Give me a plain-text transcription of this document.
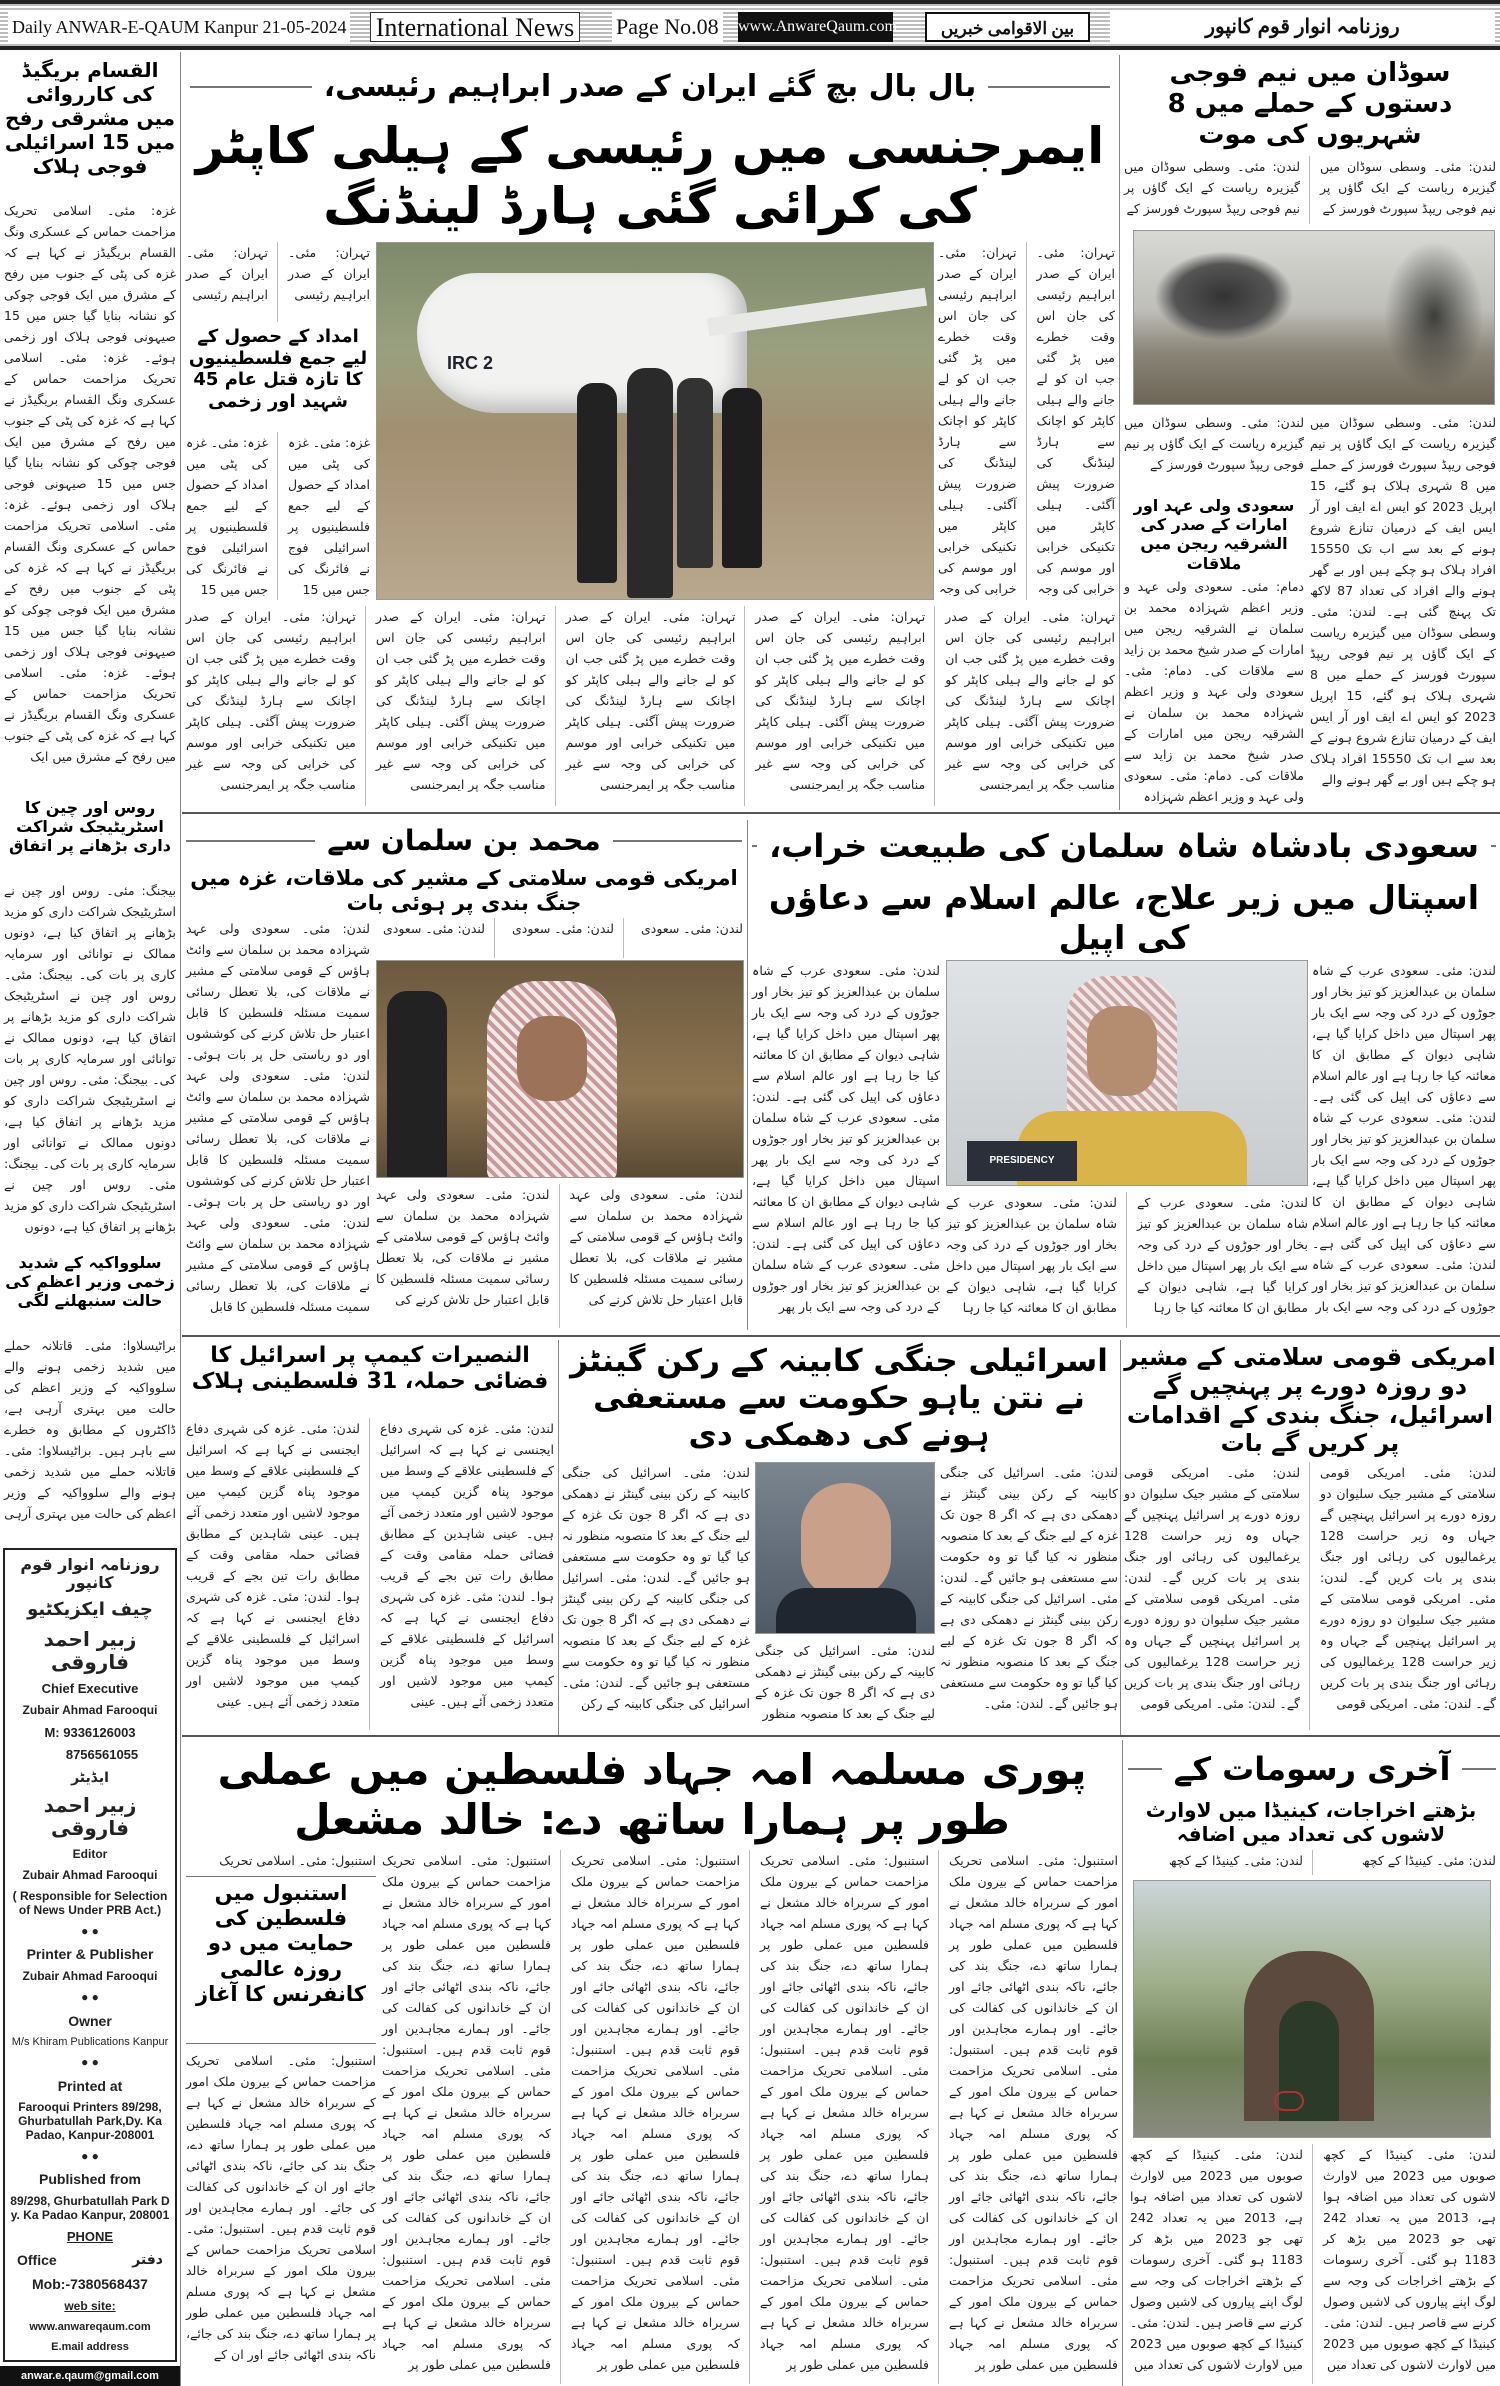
Daily ANWAR-E-QAUM Kanpur 21-05-2024 International News Page No.08 www.AnwareQaum.com	بین الاقوامی خبریں	روزنامہ انوار قوم کانپور
القسام بریگیڈ کی کارروائی میں مشرقی رفح میں 15 اسرائیلی فوجی ہلاک
غزہ: مئی۔ اسلامی تحریک مزاحمت حماس کے عسکری ونگ القسام بریگیڈز نے کہا ہے کہ غزہ کی پٹی کے جنوب میں رفح کے مشرق میں ایک فوجی چوکی کو نشانہ بنایا گیا جس میں 15 صیہونی فوجی ہلاک اور زخمی ہوئے۔ غزہ: مئی۔ اسلامی تحریک مزاحمت حماس کے عسکری ونگ القسام بریگیڈز نے کہا ہے کہ غزہ کی پٹی کے جنوب میں رفح کے مشرق میں ایک فوجی چوکی کو نشانہ بنایا گیا جس میں 15 صیہونی فوجی ہلاک اور زخمی ہوئے۔ غزہ: مئی۔ اسلامی تحریک مزاحمت حماس کے عسکری ونگ القسام بریگیڈز نے کہا ہے کہ غزہ کی پٹی کے جنوب میں رفح کے مشرق میں ایک فوجی چوکی کو نشانہ بنایا گیا جس میں 15 صیہونی فوجی ہلاک اور زخمی ہوئے۔ غزہ: مئی۔ اسلامی تحریک مزاحمت حماس کے عسکری ونگ القسام بریگیڈز نے کہا ہے کہ غزہ کی پٹی کے جنوب میں رفح کے مشرق میں ایک
روس اور چین کا اسٹریٹیجک شراکت داری بڑھانے پر اتفاق
بیجنگ: مئی۔ روس اور چین نے اسٹریٹیجک شراکت داری کو مزید بڑھانے پر اتفاق کیا ہے، دونوں ممالک نے توانائی اور سرمایہ کاری پر بات کی۔ بیجنگ: مئی۔ روس اور چین نے اسٹریٹیجک شراکت داری کو مزید بڑھانے پر اتفاق کیا ہے، دونوں ممالک نے توانائی اور سرمایہ کاری پر بات کی۔ بیجنگ: مئی۔ روس اور چین نے اسٹریٹیجک شراکت داری کو مزید بڑھانے پر اتفاق کیا ہے، دونوں ممالک نے توانائی اور سرمایہ کاری پر بات کی۔ بیجنگ: مئی۔ روس اور چین نے اسٹریٹیجک شراکت داری کو مزید بڑھانے پر اتفاق کیا ہے، دونوں
سلوواکیہ کے شدید زخمی وزیر اعظم کی حالت سنبھلنے لگی
براٹیسلاوا: مئی۔ قاتلانہ حملے میں شدید زخمی ہونے والے سلوواکیہ کے وزیر اعظم کی حالت میں بہتری آرہی ہے، ڈاکٹروں کے مطابق وہ خطرے سے باہر ہیں۔ براٹیسلاوا: مئی۔ قاتلانہ حملے میں شدید زخمی ہونے والے سلوواکیہ کے وزیر اعظم کی حالت میں بہتری آرہی
روزنامہ انوار قوم کانپور
چیف ایکزیکٹیو
زبیر احمد فاروقی
Chief Executive
Zubair Ahmad Farooqui
M: 9336126003
8756561055
ایڈیٹر
زبیر احمد فاروقی
Editor
Zubair Ahmad Farooqui
( Responsible for Selection of News Under PRB Act.)
● ●
Printer & Publisher
Zubair Ahmad Farooqui
● ●
Owner
M/s Khiram Publications Kanpur
● ●
Printed at
Farooqui Printers 89/298, Ghurbatullah Park,Dy. Ka Padao, Kanpur-208001
● ●
Published from
89/298, Ghurbatullah Park D y. Ka Padao Kanpur, 208001
PHONE
Office	دفتر
Mob:-7380568437
web site:
www.anwareqaum.com
E.mail address
anwar.e.qaum@gmail.com
بال بال بچ گئے ایران کے صدر ابراہیم رئیسی،
ایمرجنسی میں رئیسی کے ہیلی کاپٹر کی کرائی گئی ہارڈ لینڈنگ
IRC 2
تہران: مئی۔ ایران کے صدر ابراہیم رئیسی کی جان اس وقت خطرے میں پڑ گئی جب ان کو لے جانے والے ہیلی کاپٹر کو اچانک سے ہارڈ لینڈنگ کی ضرورت پیش آگئی۔ ہیلی کاپٹر میں تکنیکی خرابی اور موسم کی خرابی کی وجہ
تہران: مئی۔ ایران کے صدر ابراہیم رئیسی کی جان اس وقت خطرے میں پڑ گئی جب ان کو لے جانے والے ہیلی کاپٹر کو اچانک سے ہارڈ لینڈنگ کی ضرورت پیش آگئی۔ ہیلی کاپٹر میں تکنیکی خرابی اور موسم کی خرابی کی وجہ
تہران: مئی۔ ایران کے صدر ابراہیم رئیسی
تہران: مئی۔ ایران کے صدر ابراہیم رئیسی
امداد کے حصول کے لیے جمع فلسطینیوں کا تازہ قتل عام 45 شہید اور زخمی
غزہ: مئی۔ غزہ کی پٹی میں امداد کے حصول کے لیے جمع فلسطینیوں پر اسرائیلی فوج نے فائرنگ کی جس میں 15
غزہ: مئی۔ غزہ کی پٹی میں امداد کے حصول کے لیے جمع فلسطینیوں پر اسرائیلی فوج نے فائرنگ کی جس میں 15
تہران: مئی۔ ایران کے صدر ابراہیم رئیسی کی جان اس وقت خطرے میں پڑ گئی جب ان کو لے جانے والے ہیلی کاپٹر کو اچانک سے ہارڈ لینڈنگ کی ضرورت پیش آگئی۔ ہیلی کاپٹر میں تکنیکی خرابی اور موسم کی خرابی کی وجہ سے غیر مناسب جگہ پر ایمرجنسی
تہران: مئی۔ ایران کے صدر ابراہیم رئیسی کی جان اس وقت خطرے میں پڑ گئی جب ان کو لے جانے والے ہیلی کاپٹر کو اچانک سے ہارڈ لینڈنگ کی ضرورت پیش آگئی۔ ہیلی کاپٹر میں تکنیکی خرابی اور موسم کی خرابی کی وجہ سے غیر مناسب جگہ پر ایمرجنسی
تہران: مئی۔ ایران کے صدر ابراہیم رئیسی کی جان اس وقت خطرے میں پڑ گئی جب ان کو لے جانے والے ہیلی کاپٹر کو اچانک سے ہارڈ لینڈنگ کی ضرورت پیش آگئی۔ ہیلی کاپٹر میں تکنیکی خرابی اور موسم کی خرابی کی وجہ سے غیر مناسب جگہ پر ایمرجنسی
تہران: مئی۔ ایران کے صدر ابراہیم رئیسی کی جان اس وقت خطرے میں پڑ گئی جب ان کو لے جانے والے ہیلی کاپٹر کو اچانک سے ہارڈ لینڈنگ کی ضرورت پیش آگئی۔ ہیلی کاپٹر میں تکنیکی خرابی اور موسم کی خرابی کی وجہ سے غیر مناسب جگہ پر ایمرجنسی
تہران: مئی۔ ایران کے صدر ابراہیم رئیسی کی جان اس وقت خطرے میں پڑ گئی جب ان کو لے جانے والے ہیلی کاپٹر کو اچانک سے ہارڈ لینڈنگ کی ضرورت پیش آگئی۔ ہیلی کاپٹر میں تکنیکی خرابی اور موسم کی خرابی کی وجہ سے غیر مناسب جگہ پر ایمرجنسی
سوڈان میں نیم فوجی دستوں کے حملے میں 8 شہریوں کی موت
لندن: مئی۔ وسطی سوڈان میں گیزیرہ ریاست کے ایک گاؤں پر نیم فوجی ریپڈ سپورٹ فورسز کے
لندن: مئی۔ وسطی سوڈان میں گیزیرہ ریاست کے ایک گاؤں پر نیم فوجی ریپڈ سپورٹ فورسز کے
لندن: مئی۔ وسطی سوڈان میں گیزیرہ ریاست کے ایک گاؤں پر نیم فوجی ریپڈ سپورٹ فورسز کے حملے میں 8 شہری ہلاک ہو گئے، 15 اپریل 2023 کو ایس اے ایف اور آر ایس ایف کے درمیان تنازع شروع ہونے کے بعد سے اب تک 15550 افراد ہلاک ہو چکے ہیں اور بے گھر ہونے والے افراد کی تعداد 87 لاکھ تک پہنچ گئی ہے۔ لندن: مئی۔ وسطی سوڈان میں گیزیرہ ریاست کے ایک گاؤں پر نیم فوجی ریپڈ سپورٹ فورسز کے حملے میں 8 شہری ہلاک ہو گئے، 15 اپریل 2023 کو ایس اے ایف اور آر ایس ایف کے درمیان تنازع شروع ہونے کے بعد سے اب تک 15550 افراد ہلاک ہو چکے ہیں اور بے گھر ہونے والے
لندن: مئی۔ وسطی سوڈان میں گیزیرہ ریاست کے ایک گاؤں پر نیم فوجی ریپڈ سپورٹ فورسز کے
سعودی ولی عہد اور امارات کے صدر کی الشرقیہ ریجن میں ملاقات
دمام: مئی۔ سعودی ولی عہد و وزیر اعظم شہزادہ محمد بن سلمان نے الشرقیہ ریجن میں امارات کے صدر شیخ محمد بن زاید سے ملاقات کی۔ دمام: مئی۔ سعودی ولی عہد و وزیر اعظم شہزادہ محمد بن سلمان نے الشرقیہ ریجن میں امارات کے صدر شیخ محمد بن زاید سے ملاقات کی۔ دمام: مئی۔ سعودی ولی عہد و وزیر اعظم شہزادہ
سعودی بادشاہ شاہ سلمان کی طبیعت خراب،
اسپتال میں زیر علاج، عالم اسلام سے دعاؤں کی اپیل
PRESIDENCY
لندن: مئی۔ سعودی عرب کے شاہ سلمان بن عبدالعزیز کو تیز بخار اور جوڑوں کے درد کی وجہ سے ایک بار پھر اسپتال میں داخل کرایا گیا ہے، شاہی دیوان کے مطابق ان کا معائنہ کیا جا رہا ہے اور عالم اسلام سے دعاؤں کی اپیل کی گئی ہے۔ لندن: مئی۔ سعودی عرب کے شاہ سلمان بن عبدالعزیز کو تیز بخار اور جوڑوں کے درد کی وجہ سے ایک بار پھر اسپتال میں داخل کرایا گیا ہے، شاہی دیوان کے مطابق ان کا معائنہ کیا جا رہا ہے اور عالم اسلام سے دعاؤں کی اپیل کی گئی ہے۔ لندن: مئی۔ سعودی عرب کے شاہ سلمان بن عبدالعزیز کو تیز بخار اور جوڑوں کے درد کی وجہ سے ایک بار
لندن: مئی۔ سعودی عرب کے شاہ سلمان بن عبدالعزیز کو تیز بخار اور جوڑوں کے درد کی وجہ سے ایک بار پھر اسپتال میں داخل کرایا گیا ہے، شاہی دیوان کے مطابق ان کا معائنہ کیا جا رہا ہے اور عالم اسلام سے دعاؤں کی اپیل کی گئی ہے۔ لندن: مئی۔ سعودی عرب کے شاہ سلمان بن عبدالعزیز کو تیز بخار اور جوڑوں کے درد کی وجہ سے ایک بار پھر اسپتال میں داخل کرایا گیا ہے، شاہی دیوان کے مطابق ان کا معائنہ کیا جا رہا ہے اور عالم اسلام سے دعاؤں کی اپیل کی گئی ہے۔ لندن: مئی۔ سعودی عرب کے شاہ سلمان بن عبدالعزیز کو تیز بخار اور جوڑوں کے درد کی وجہ سے ایک بار پھر
لندن: مئی۔ سعودی عرب کے شاہ سلمان بن عبدالعزیز کو تیز بخار اور جوڑوں کے درد کی وجہ سے ایک بار پھر اسپتال میں داخل کرایا گیا ہے، شاہی دیوان کے مطابق ان کا معائنہ کیا جا رہا
لندن: مئی۔ سعودی عرب کے شاہ سلمان بن عبدالعزیز کو تیز بخار اور جوڑوں کے درد کی وجہ سے ایک بار پھر اسپتال میں داخل کرایا گیا ہے، شاہی دیوان کے مطابق ان کا معائنہ کیا جا رہا
محمد بن سلمان سے
امریکی قومی سلامتی کے مشیر کی ملاقات، غزہ میں جنگ بندی پر ہوئی بات
لندن: مئی۔ سعودی
لندن: مئی۔ سعودی
لندن: مئی۔ سعودی
لندن: مئی۔ سعودی ولی عہد شہزادہ محمد بن سلمان سے وائٹ ہاؤس کے قومی سلامتی کے مشیر نے ملاقات کی، بلا تعطل رسائی سمیت مسئلہ فلسطین کا قابل اعتبار حل تلاش کرنے کی
لندن: مئی۔ سعودی ولی عہد شہزادہ محمد بن سلمان سے وائٹ ہاؤس کے قومی سلامتی کے مشیر نے ملاقات کی، بلا تعطل رسائی سمیت مسئلہ فلسطین کا قابل اعتبار حل تلاش کرنے کی
لندن: مئی۔ سعودی ولی عہد شہزادہ محمد بن سلمان سے وائٹ ہاؤس کے قومی سلامتی کے مشیر نے ملاقات کی، بلا تعطل رسائی سمیت مسئلہ فلسطین کا قابل اعتبار حل تلاش کرنے کی کوششوں اور دو ریاستی حل پر بات ہوئی۔ لندن: مئی۔ سعودی ولی عہد شہزادہ محمد بن سلمان سے وائٹ ہاؤس کے قومی سلامتی کے مشیر نے ملاقات کی، بلا تعطل رسائی سمیت مسئلہ فلسطین کا قابل اعتبار حل تلاش کرنے کی کوششوں اور دو ریاستی حل پر بات ہوئی۔ لندن: مئی۔ سعودی ولی عہد شہزادہ محمد بن سلمان سے وائٹ ہاؤس کے قومی سلامتی کے مشیر نے ملاقات کی، بلا تعطل رسائی سمیت مسئلہ فلسطین کا قابل
امریکی قومی سلامتی کے مشیر دو روزہ دورے پر پہنچیں گے اسرائیل، جنگ بندی کے اقدامات پر کریں گے بات
لندن: مئی۔ امریکی قومی سلامتی کے مشیر جیک سلیوان دو روزہ دورے پر اسرائیل پہنچیں گے جہاں وہ زیر حراست 128 یرغمالیوں کی رہائی اور جنگ بندی پر بات کریں گے۔ لندن: مئی۔ امریکی قومی سلامتی کے مشیر جیک سلیوان دو روزہ دورے پر اسرائیل پہنچیں گے جہاں وہ زیر حراست 128 یرغمالیوں کی رہائی اور جنگ بندی پر بات کریں گے۔ لندن: مئی۔ امریکی قومی
لندن: مئی۔ امریکی قومی سلامتی کے مشیر جیک سلیوان دو روزہ دورے پر اسرائیل پہنچیں گے جہاں وہ زیر حراست 128 یرغمالیوں کی رہائی اور جنگ بندی پر بات کریں گے۔ لندن: مئی۔ امریکی قومی سلامتی کے مشیر جیک سلیوان دو روزہ دورے پر اسرائیل پہنچیں گے جہاں وہ زیر حراست 128 یرغمالیوں کی رہائی اور جنگ بندی پر بات کریں گے۔ لندن: مئی۔ امریکی قومی
اسرائیلی جنگی کابینہ کے رکن گینٹز نے نتن یاہو حکومت سے مستعفی ہونے کی دھمکی دی
لندن: مئی۔ اسرائیل کی جنگی کابینہ کے رکن بینی گینٹز نے دھمکی دی ہے کہ اگر 8 جون تک غزہ کے لیے جنگ کے بعد کا منصوبہ منظور نہ کیا گیا تو وہ حکومت سے مستعفی ہو جائیں گے۔ لندن: مئی۔ اسرائیل کی جنگی کابینہ کے رکن بینی گینٹز نے دھمکی دی ہے کہ اگر 8 جون تک غزہ کے لیے جنگ کے بعد کا منصوبہ منظور نہ کیا گیا تو وہ حکومت سے مستعفی ہو جائیں گے۔ لندن: مئی۔
لندن: مئی۔ اسرائیل کی جنگی کابینہ کے رکن بینی گینٹز نے دھمکی دی ہے کہ اگر 8 جون تک غزہ کے لیے جنگ کے بعد کا منصوبہ منظور نہ کیا گیا تو وہ حکومت سے مستعفی ہو جائیں گے۔ لندن: مئی۔ اسرائیل کی جنگی کابینہ کے رکن بینی گینٹز نے دھمکی دی ہے کہ اگر 8 جون تک غزہ کے لیے جنگ کے بعد کا منصوبہ منظور نہ کیا گیا تو وہ حکومت سے مستعفی ہو جائیں گے۔ لندن: مئی۔ اسرائیل کی جنگی کابینہ کے رکن
لندن: مئی۔ اسرائیل کی جنگی کابینہ کے رکن بینی گینٹز نے دھمکی دی ہے کہ اگر 8 جون تک غزہ کے لیے جنگ کے بعد کا منصوبہ منظور
النصیرات کیمپ پر اسرائیل کا فضائی حملہ، 31 فلسطینی ہلاک
لندن: مئی۔ غزہ کی شہری دفاع ایجنسی نے کہا ہے کہ اسرائیل کے فلسطینی علاقے کے وسط میں موجود پناہ گزین کیمپ میں موجود لاشیں اور متعدد زخمی آئے ہیں۔ عینی شاہدین کے مطابق فضائی حملہ مقامی وقت کے مطابق رات تین بجے کے قریب ہوا۔ لندن: مئی۔ غزہ کی شہری دفاع ایجنسی نے کہا ہے کہ اسرائیل کے فلسطینی علاقے کے وسط میں موجود پناہ گزین کیمپ میں موجود لاشیں اور متعدد زخمی آئے ہیں۔ عینی
لندن: مئی۔ غزہ کی شہری دفاع ایجنسی نے کہا ہے کہ اسرائیل کے فلسطینی علاقے کے وسط میں موجود پناہ گزین کیمپ میں موجود لاشیں اور متعدد زخمی آئے ہیں۔ عینی شاہدین کے مطابق فضائی حملہ مقامی وقت کے مطابق رات تین بجے کے قریب ہوا۔ لندن: مئی۔ غزہ کی شہری دفاع ایجنسی نے کہا ہے کہ اسرائیل کے فلسطینی علاقے کے وسط میں موجود پناہ گزین کیمپ میں موجود لاشیں اور متعدد زخمی آئے ہیں۔ عینی
آخری رسومات کے
بڑھتے اخراجات، کینیڈا میں لاوارث لاشوں کی تعداد میں اضافہ
لندن: مئی۔ کینیڈا کے کچھ
لندن: مئی۔ کینیڈا کے کچھ
لندن: مئی۔ کینیڈا کے کچھ صوبوں میں 2023 میں لاوارث لاشوں کی تعداد میں اضافہ ہوا ہے، 2013 میں یہ تعداد 242 تھی جو 2023 میں بڑھ کر 1183 ہو گئی۔ آخری رسومات کے بڑھتے اخراجات کی وجہ سے لوگ اپنے پیاروں کی لاشیں وصول کرنے سے قاصر ہیں۔ لندن: مئی۔ کینیڈا کے کچھ صوبوں میں 2023 میں لاوارث لاشوں کی تعداد میں
لندن: مئی۔ کینیڈا کے کچھ صوبوں میں 2023 میں لاوارث لاشوں کی تعداد میں اضافہ ہوا ہے، 2013 میں یہ تعداد 242 تھی جو 2023 میں بڑھ کر 1183 ہو گئی۔ آخری رسومات کے بڑھتے اخراجات کی وجہ سے لوگ اپنے پیاروں کی لاشیں وصول کرنے سے قاصر ہیں۔ لندن: مئی۔ کینیڈا کے کچھ صوبوں میں 2023 میں لاوارث لاشوں کی تعداد میں
پوری مسلمہ امہ جہاد فلسطین میں عملی طور پر ہمارا ساتھ دے: خالد مشعل
استنبول: مئی۔ اسلامی تحریک مزاحمت حماس کے بیرون ملک امور کے سربراہ خالد مشعل نے کہا ہے کہ پوری مسلم امہ جہاد فلسطین میں عملی طور پر ہمارا ساتھ دے، جنگ بند کی جائے، ناکہ بندی اٹھائی جائے اور ان کے خاندانوں کی کفالت کی جائے۔ اور ہمارے مجاہدین اور قوم ثابت قدم ہیں۔ استنبول: مئی۔ اسلامی تحریک مزاحمت حماس کے بیرون ملک امور کے سربراہ خالد مشعل نے کہا ہے کہ پوری مسلم امہ جہاد فلسطین میں عملی طور پر ہمارا ساتھ دے، جنگ بند کی جائے، ناکہ بندی اٹھائی جائے اور ان کے خاندانوں کی کفالت کی جائے۔ اور ہمارے مجاہدین اور قوم ثابت قدم ہیں۔ استنبول: مئی۔ اسلامی تحریک مزاحمت حماس کے بیرون ملک امور کے سربراہ خالد مشعل نے کہا ہے کہ پوری مسلم امہ جہاد فلسطین میں عملی طور پر
استنبول: مئی۔ اسلامی تحریک مزاحمت حماس کے بیرون ملک امور کے سربراہ خالد مشعل نے کہا ہے کہ پوری مسلم امہ جہاد فلسطین میں عملی طور پر ہمارا ساتھ دے، جنگ بند کی جائے، ناکہ بندی اٹھائی جائے اور ان کے خاندانوں کی کفالت کی جائے۔ اور ہمارے مجاہدین اور قوم ثابت قدم ہیں۔ استنبول: مئی۔ اسلامی تحریک مزاحمت حماس کے بیرون ملک امور کے سربراہ خالد مشعل نے کہا ہے کہ پوری مسلم امہ جہاد فلسطین میں عملی طور پر ہمارا ساتھ دے، جنگ بند کی جائے، ناکہ بندی اٹھائی جائے اور ان کے خاندانوں کی کفالت کی جائے۔ اور ہمارے مجاہدین اور قوم ثابت قدم ہیں۔ استنبول: مئی۔ اسلامی تحریک مزاحمت حماس کے بیرون ملک امور کے سربراہ خالد مشعل نے کہا ہے کہ پوری مسلم امہ جہاد فلسطین میں عملی طور پر
استنبول: مئی۔ اسلامی تحریک مزاحمت حماس کے بیرون ملک امور کے سربراہ خالد مشعل نے کہا ہے کہ پوری مسلم امہ جہاد فلسطین میں عملی طور پر ہمارا ساتھ دے، جنگ بند کی جائے، ناکہ بندی اٹھائی جائے اور ان کے خاندانوں کی کفالت کی جائے۔ اور ہمارے مجاہدین اور قوم ثابت قدم ہیں۔ استنبول: مئی۔ اسلامی تحریک مزاحمت حماس کے بیرون ملک امور کے سربراہ خالد مشعل نے کہا ہے کہ پوری مسلم امہ جہاد فلسطین میں عملی طور پر ہمارا ساتھ دے، جنگ بند کی جائے، ناکہ بندی اٹھائی جائے اور ان کے خاندانوں کی کفالت کی جائے۔ اور ہمارے مجاہدین اور قوم ثابت قدم ہیں۔ استنبول: مئی۔ اسلامی تحریک مزاحمت حماس کے بیرون ملک امور کے سربراہ خالد مشعل نے کہا ہے کہ پوری مسلم امہ جہاد فلسطین میں عملی طور پر
استنبول: مئی۔ اسلامی تحریک مزاحمت حماس کے بیرون ملک امور کے سربراہ خالد مشعل نے کہا ہے کہ پوری مسلم امہ جہاد فلسطین میں عملی طور پر ہمارا ساتھ دے، جنگ بند کی جائے، ناکہ بندی اٹھائی جائے اور ان کے خاندانوں کی کفالت کی جائے۔ اور ہمارے مجاہدین اور قوم ثابت قدم ہیں۔ استنبول: مئی۔ اسلامی تحریک مزاحمت حماس کے بیرون ملک امور کے سربراہ خالد مشعل نے کہا ہے کہ پوری مسلم امہ جہاد فلسطین میں عملی طور پر ہمارا ساتھ دے، جنگ بند کی جائے، ناکہ بندی اٹھائی جائے اور ان کے خاندانوں کی کفالت کی جائے۔ اور ہمارے مجاہدین اور قوم ثابت قدم ہیں۔ استنبول: مئی۔ اسلامی تحریک مزاحمت حماس کے بیرون ملک امور کے سربراہ خالد مشعل نے کہا ہے کہ پوری مسلم امہ جہاد فلسطین میں عملی طور پر
استنبول: مئی۔ اسلامی تحریک
استنبول میں فلسطین کی حمایت میں دو روزہ عالمی کانفرنس کا آغاز
استنبول: مئی۔ اسلامی تحریک مزاحمت حماس کے بیرون ملک امور کے سربراہ خالد مشعل نے کہا ہے کہ پوری مسلم امہ جہاد فلسطین میں عملی طور پر ہمارا ساتھ دے، جنگ بند کی جائے، ناکہ بندی اٹھائی جائے اور ان کے خاندانوں کی کفالت کی جائے۔ اور ہمارے مجاہدین اور قوم ثابت قدم ہیں۔ استنبول: مئی۔ اسلامی تحریک مزاحمت حماس کے بیرون ملک امور کے سربراہ خالد مشعل نے کہا ہے کہ پوری مسلم امہ جہاد فلسطین میں عملی طور پر ہمارا ساتھ دے، جنگ بند کی جائے، ناکہ بندی اٹھائی جائے اور ان کے
